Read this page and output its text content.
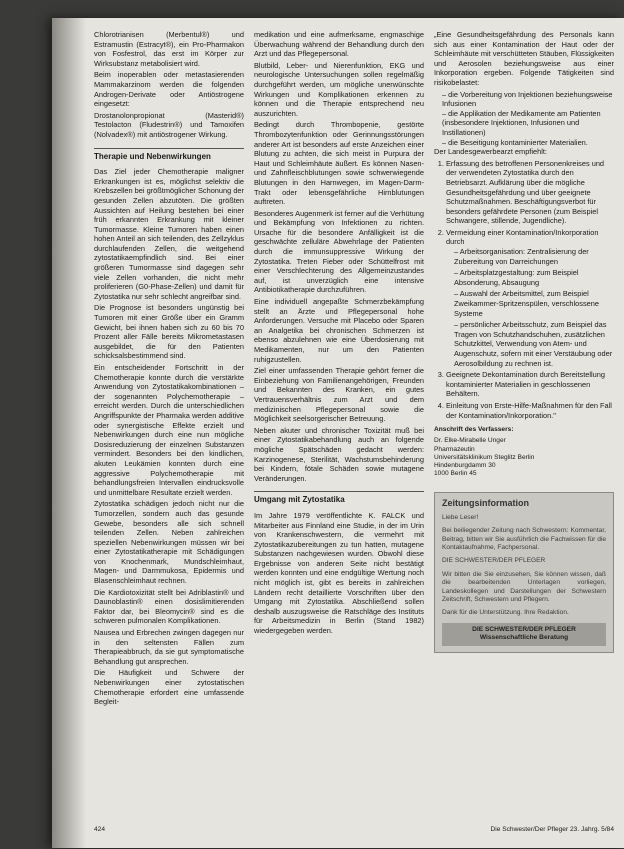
Chlorotrianisen (Merbentul®) und Estramustin (Estracyt®), ein Pro-Pharmakon von Fosfestrol, das erst im Körper zur Wirksubstanz metabolisiert wird.

Beim inoperablen oder metastasierenden Mammakarzinom werden die folgenden Androgen-Derivate oder Antiöstrogene eingesetzt:

Drostanolonpropionat (Masterid®) Testolacton (Fludestrin®) und Tamoxifen (Nolvadex®) mit antiöstrogener Wirkung.

Therapie und Nebenwirkungen

Das Ziel jeder Chemotherapie maligner Erkrankungen ist es, möglichst selektiv die Krebszellen bei größtmöglicher Schonung der gesunden Zellen abzutöten. Die größten Aussichten auf Heilung bestehen bei einer früh erkannten Erkrankung mit kleiner Tumormasse. Kleine Tumoren haben einen hohen Anteil an sich teilenden, des Zellzyklus durchlaufenden Zellen, die weitgehend zytostatikaempfindlich sind. Bei einer größeren Tumormasse sind dagegen sehr viele Zellen vorhanden, die nicht mehr proliferieren (G0-Phase-Zellen) und damit für Zytostatika nur sehr schlecht angreifbar sind.

Die Prognose ist besonders ungünstig bei Tumoren mit einer Größe über ein Gramm Gewicht, bei ihnen haben sich zu 60 bis 70 Prozent aller Fälle bereits Mikrometastasen ausgebildet, die für den Patienten schicksalsbestimmend sind.

Ein entscheidender Fortschritt in der Chemotherapie konnte durch die verstärkte Anwendung von Zytostatikakombinationen – der sogenannten Polychemotherapie – erreicht werden. Durch die unterschiedlichen Angriffspunkte der Pharmaka werden additive oder synergistische Effekte erzielt und Nebenwirkungen durch eine nun mögliche Dosisreduzierung der einzelnen Substanzen vermindert. Besonders bei den kindlichen, akuten Leukämien konnten durch eine aggressive Polychemotherapie mit behandlungsfreien Intervallen eindrucksvolle und unmittelbare Resultate erzielt werden.

Zytostatika schädigen jedoch nicht nur die Tumorzellen, sondern auch das gesunde Gewebe, besonders alle sich schnell teilenden Zellen. Neben zahlreichen speziellen Nebenwirkungen müssen wir bei einer Zytostatikatherapie mit Schädigungen von Knochenmark, Mundschleimhaut, Magen- und Darmmukosa, Epidermis und Blasenschleimhaut rechnen.

Die Kardiotoxizität stellt bei Adriblastin® und Daunoblastin® einen dosislimitierenden Faktor dar, bei Bleomycin® sind es die schweren pulmonalen Komplikationen.

Nausea und Erbrechen zwingen dagegen nur in den seltensten Fällen zum Therapieabbruch, da sie gut symptomatische Behandlung gut ansprechen.

Die Häufigkeit und Schwere der Nebenwirkungen einer zytostatischen Chemotherapie erfordert eine umfassende Begleit-

medikation und eine aufmerksame, engmaschige Überwachung während der Behandlung durch den Arzt und das Pflegepersonal.

Blutbild, Leber- und Nierenfunktion, EKG und neurologische Untersuchungen sollen regelmäßig durchgeführt werden, um mögliche unerwünschte Wirkungen und Komplikationen erkennen zu können und die Therapie entsprechend neu auszurichten.

Bedingt durch Thrombopenie, gestörte Thrombozytenfunktion oder Gerinnungsstörungen anderer Art ist besonders auf erste Anzeichen einer Blutung zu achten, die sich meist in Purpura der Haut und Schleimhäute äußert. Es können Nasen- und Zahnfleischblutungen sowie schwerwiegende Blutungen in den Harnwegen, im Magen-Darm-Trakt oder lebensgefährliche Hirnblutungen auftreten.

Besonderes Augenmerk ist ferner auf die Verhütung und Bekämpfung von Infektionen zu richten. Ursache für die besondere Anfälligkeit ist die geschwächte zelluläre Abwehrlage der Patienten durch die immunsuppressive Wirkung der Zytostatika. Treten Fieber oder Schüttelfrost mit einer Verschlechterung des Allgemeinzustandes auf, ist unverzüglich eine intensive Antibiotikatherapie durchzuführen.

Eine individuell angepaßte Schmerzbekämpfung stellt an Ärzte und Pflegepersonal hohe Anforderungen. Versuche mit Placebo oder Sparen an Analgetika bei chronischen Schmerzen ist ebenso abzulehnen wie eine Überdosierung mit Medikamenten, nur um den Patienten ruhigzustellen.

Ziel einer umfassenden Therapie gehört ferner die Einbeziehung von Familienangehörigen, Freunden und Bekannten des Kranken, ein gutes Vertrauensverhältnis zum Arzt und dem medizinischen Pflegepersonal sowie die Möglichkeit seelsorgerischer Betreuung.

Neben akuter und chronischer Toxizität muß bei einer Zytostatikabehandlung auch an folgende mögliche Spätschäden gedacht werden: Karzinogenese, Sterilität, Wachstumsbehinderung bei Kindern, fötale Schäden sowie mutagene Veränderungen.

Umgang mit Zytostatika

Im Jahre 1979 veröffentlichte K. FALCK und Mitarbeiter aus Finnland eine Studie, in der im Urin von Krankenschwestern, die vermehrt mit Zytostatikazubereitungen zu tun hatten, mutagene Substanzen nachgewiesen wurden. Obwohl diese Ergebnisse von anderen Seite nicht bestätigt werden konnten und eine endgültige Wertung noch nicht möglich ist, gibt es bereits in zahlreichen Ländern recht detaillierte Vorschriften über den Umgang mit Zytostatika. Abschließend sollen deshalb auszugsweise die Ratschläge des Instituts für Arbeitsmedizin in Berlin (Stand 1982) wiedergegeben werden.

„Eine Gesundheitsgefährdung des Personals kann sich aus einer Kontamination der Haut oder der Schleimhäute mit verschütteten Stäuben, Flüssigkeiten und Aerosolen beziehungsweise aus einer Inkorporation ergeben. Folgende Tätigkeiten sind risikobelastet:

– die Vorbereitung von Injektionen beziehungsweise Infusionen
– die Applikation der Medikamente am Patienten (insbesondere Injektionen, Infusionen und Instillationen)
– die Beseitigung kontaminierter Materialien.

Der Landesgewerbearzt empfiehlt:

1. Erfassung des betroffenen Personenkreises und der verwendeten Zytostatika durch den Betriebsarzt. Aufklärung über die mögliche Gesundheitsgefährdung und über geeignete Schutzmaßnahmen. Beschäftigungsverbot für besonders gefährdete Personen (zum Beispiel Schwangere, stillende, Jugendliche).
2. Vermeidung einer Kontamination/Inkorporation durch
– Arbeitsorganisation: Zentralisierung der Zubereitung von Darreichungen
– Arbeitsplatzgestaltung: zum Beispiel Absonderung, Absaugung
– Auswahl der Arbeitsmittel, zum Beispiel Zweikammer-Spritzenspülen, verschlossene Systeme
– persönlicher Arbeitsschutz, zum Beispiel das Tragen von Schutzhandschuhen, zusätzlichen Schutzkittel, Verwendung von Atem- und Augenschutz, sofern mit einer Verstäubung oder Aerosolbildung zu rechnen ist.
3. Geeignete Dekontamination durch Bereitstellung kontaminierter Materialien in geschlossenen Behältern.
4. Einleitung von Erste-Hilfe-Maßnahmen für den Fall der Kontamination/Inkorporation."
Anschrift des Verfassers:
Dr. Elke-Mirabelle Unger
Pharmazeutin
Universitätsklinikum Steglitz Berlin
Hindenburgdamm 30
1000 Berlin 45
Zeitungsinformation

Liebe Leser!

Bei beiliegender Zeitung nach Schwestern: Kommentar, Beitrag, bitten wir Sie ausführlich die Fachwissen für die Kontaktaufnahme, Fachpersonal.

DIE SCHWESTER/DER PFLEGER

Wir bitten die Sie einzusehen, Sie können wissen, daß die bearbeitenden Unterlagen vorliegen, Landeskollegen und Darstellungen der Schwestern Zeitschrift, Schwestern und Pflegern.

Dank für die Unterstützung. Ihre Redaktion.

DIE SCHWESTER/DER PFLEGER Wissenschaftliche Beratung
424	Die Schwester/Der Pfleger 23. Jahrg. 5/84
